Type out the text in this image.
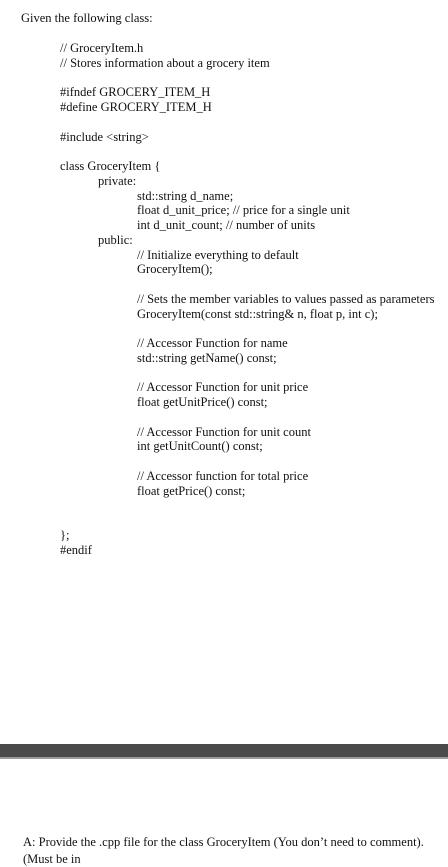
Given the following class:
// GroceryItem.h
// Stores information about a grocery item
#ifndef GROCERY_ITEM_H
#define GROCERY_ITEM_H
#include <string>
class GroceryItem {
private:
std::string d_name;
float d_unit_price; // price for a single unit
int d_unit_count; // number of units
public:
// Initialize everything to default
GroceryItem();
// Sets the member variables to values passed as parameters
GroceryItem(const std::string& n, float p, int c);
// Accessor Function for name
std::string getName() const;
// Accessor Function for unit price
float getUnitPrice() const;
// Accessor Function for unit count
int getUnitCount() const;
// Accessor function for total price
float getPrice() const;
};
#endif
A: Provide the .cpp file for the class GroceryItem (You don’t need to comment).
(Must be in
